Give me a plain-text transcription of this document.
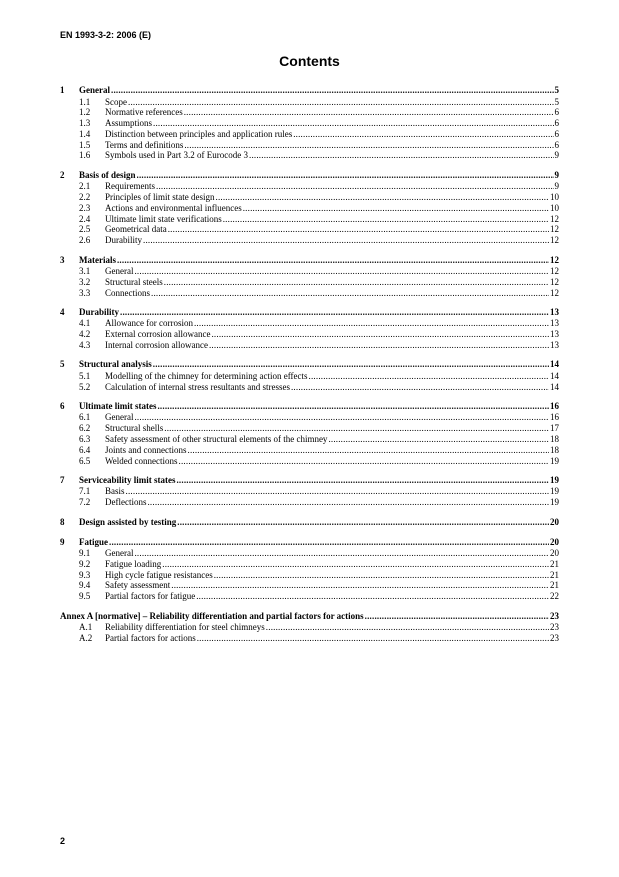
EN 1993-3-2: 2006 (E)
Contents
1	General .....	5
1.1	Scope .....	5
1.2	Normative references .....	6
1.3	Assumptions .....	6
1.4	Distinction between principles and application rules .....	6
1.5	Terms and definitions .....	6
1.6	Symbols used in Part 3.2 of Eurocode 3 .....	9
2	Basis of design .....	9
2.1	Requirements .....	9
2.2	Principles of limit state design .....	10
2.3	Actions and environmental influences .....	10
2.4	Ultimate limit state verifications .....	12
2.5	Geometrical data .....	12
2.6	Durability .....	12
3	Materials .....	12
3.1	General .....	12
3.2	Structural steels .....	12
3.3	Connections .....	12
4	Durability .....	13
4.1	Allowance for corrosion .....	13
4.2	External corrosion allowance .....	13
4.3	Internal corrosion allowance .....	13
5	Structural analysis .....	14
5.1	Modelling of the chimney for determining action effects .....	14
5.2	Calculation of internal stress resultants and stresses .....	14
6	Ultimate limit states .....	16
6.1	General .....	16
6.2	Structural shells .....	17
6.3	Safety assessment of other structural elements of the chimney .....	18
6.4	Joints and connections .....	18
6.5	Welded connections .....	19
7	Serviceability limit states .....	19
7.1	Basis .....	19
7.2	Deflections .....	19
8	Design assisted by testing .....	20
9	Fatigue .....	20
9.1	General .....	20
9.2	Fatigue loading .....	21
9.3	High cycle fatigue resistances .....	21
9.4	Safety assessment .....	21
9.5	Partial factors for fatigue .....	22
Annex A [normative] – Reliability differentiation and partial factors for actions .....	23
A.1	Reliability differentiation for steel chimneys .....	23
A.2	Partial factors for actions .....	23
2
